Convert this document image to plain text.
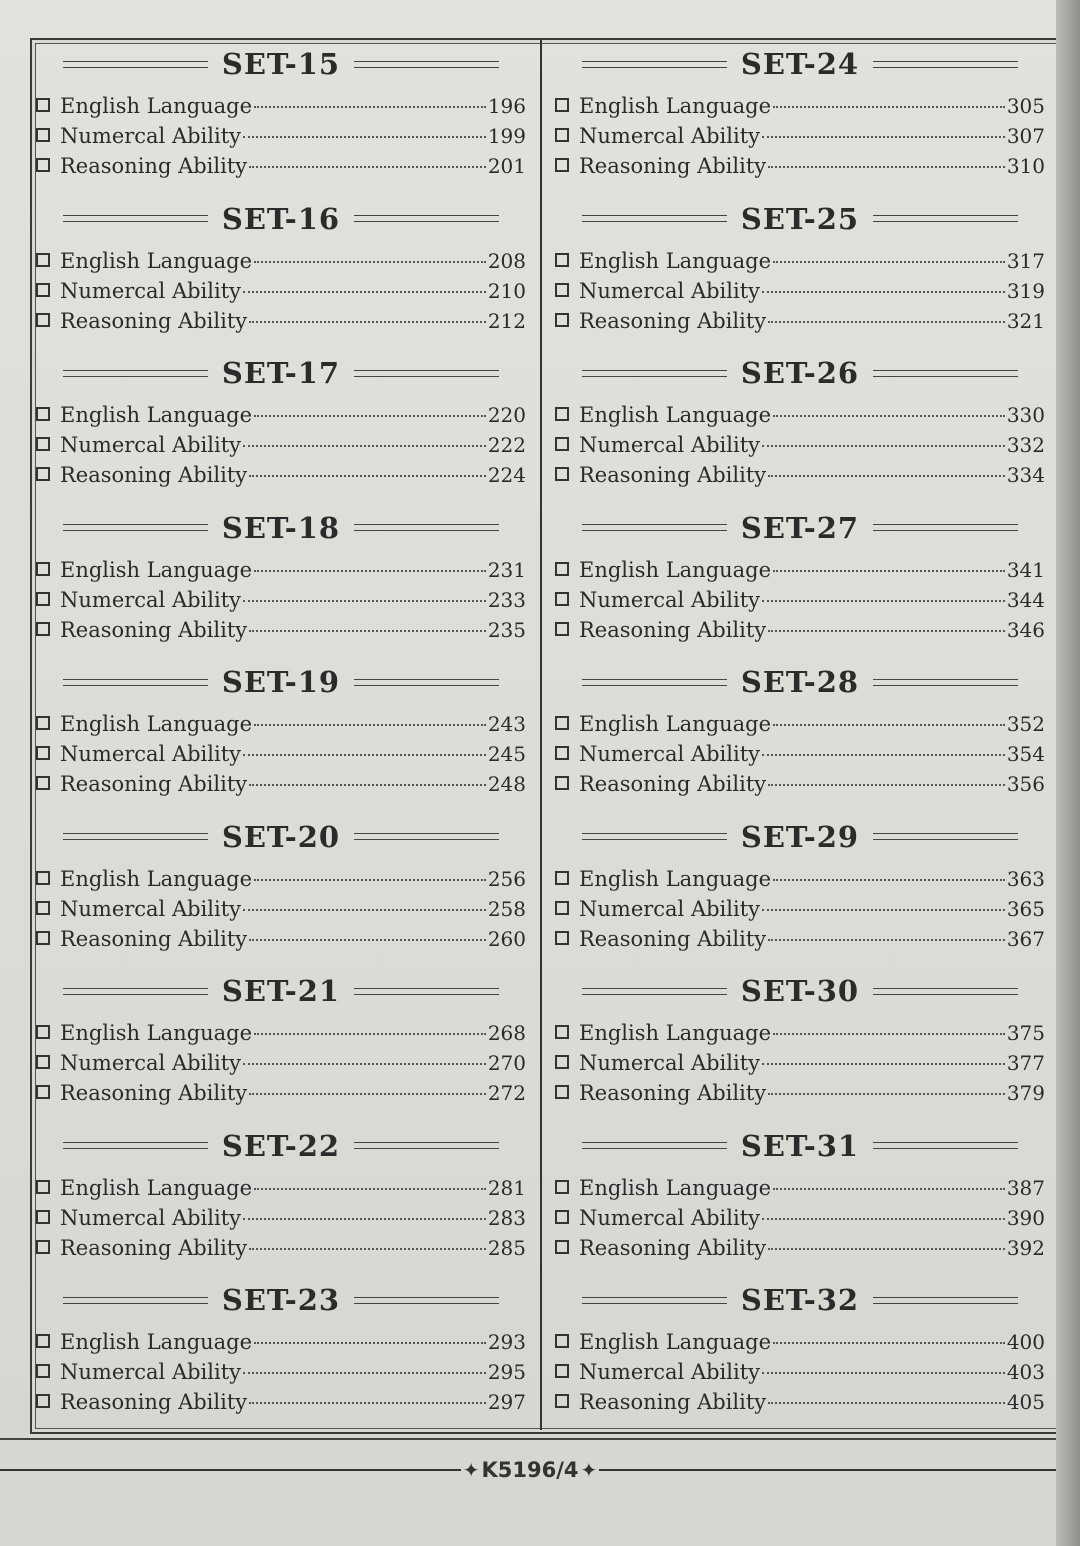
SET-15
English Language	196
Numercal Ability	199
Reasoning Ability	201
SET-16
English Language	208
Numercal Ability	210
Reasoning Ability	212
SET-17
English Language	220
Numercal Ability	222
Reasoning Ability	224
SET-18
English Language	231
Numercal Ability	233
Reasoning Ability	235
SET-19
English Language	243
Numercal Ability	245
Reasoning Ability	248
SET-20
English Language	256
Numercal Ability	258
Reasoning Ability	260
SET-21
English Language	268
Numercal Ability	270
Reasoning Ability	272
SET-22
English Language	281
Numercal Ability	283
Reasoning Ability	285
SET-23
English Language	293
Numercal Ability	295
Reasoning Ability	297
SET-24
English Language	305
Numercal Ability	307
Reasoning Ability	310
SET-25
English Language	317
Numercal Ability	319
Reasoning Ability	321
SET-26
English Language	330
Numercal Ability	332
Reasoning Ability	334
SET-27
English Language	341
Numercal Ability	344
Reasoning Ability	346
SET-28
English Language	352
Numercal Ability	354
Reasoning Ability	356
SET-29
English Language	363
Numercal Ability	365
Reasoning Ability	367
SET-30
English Language	375
Numercal Ability	377
Reasoning Ability	379
SET-31
English Language	387
Numercal Ability	390
Reasoning Ability	392
SET-32
English Language	400
Numercal Ability	403
Reasoning Ability	405
✦ K5196/4 ✦
